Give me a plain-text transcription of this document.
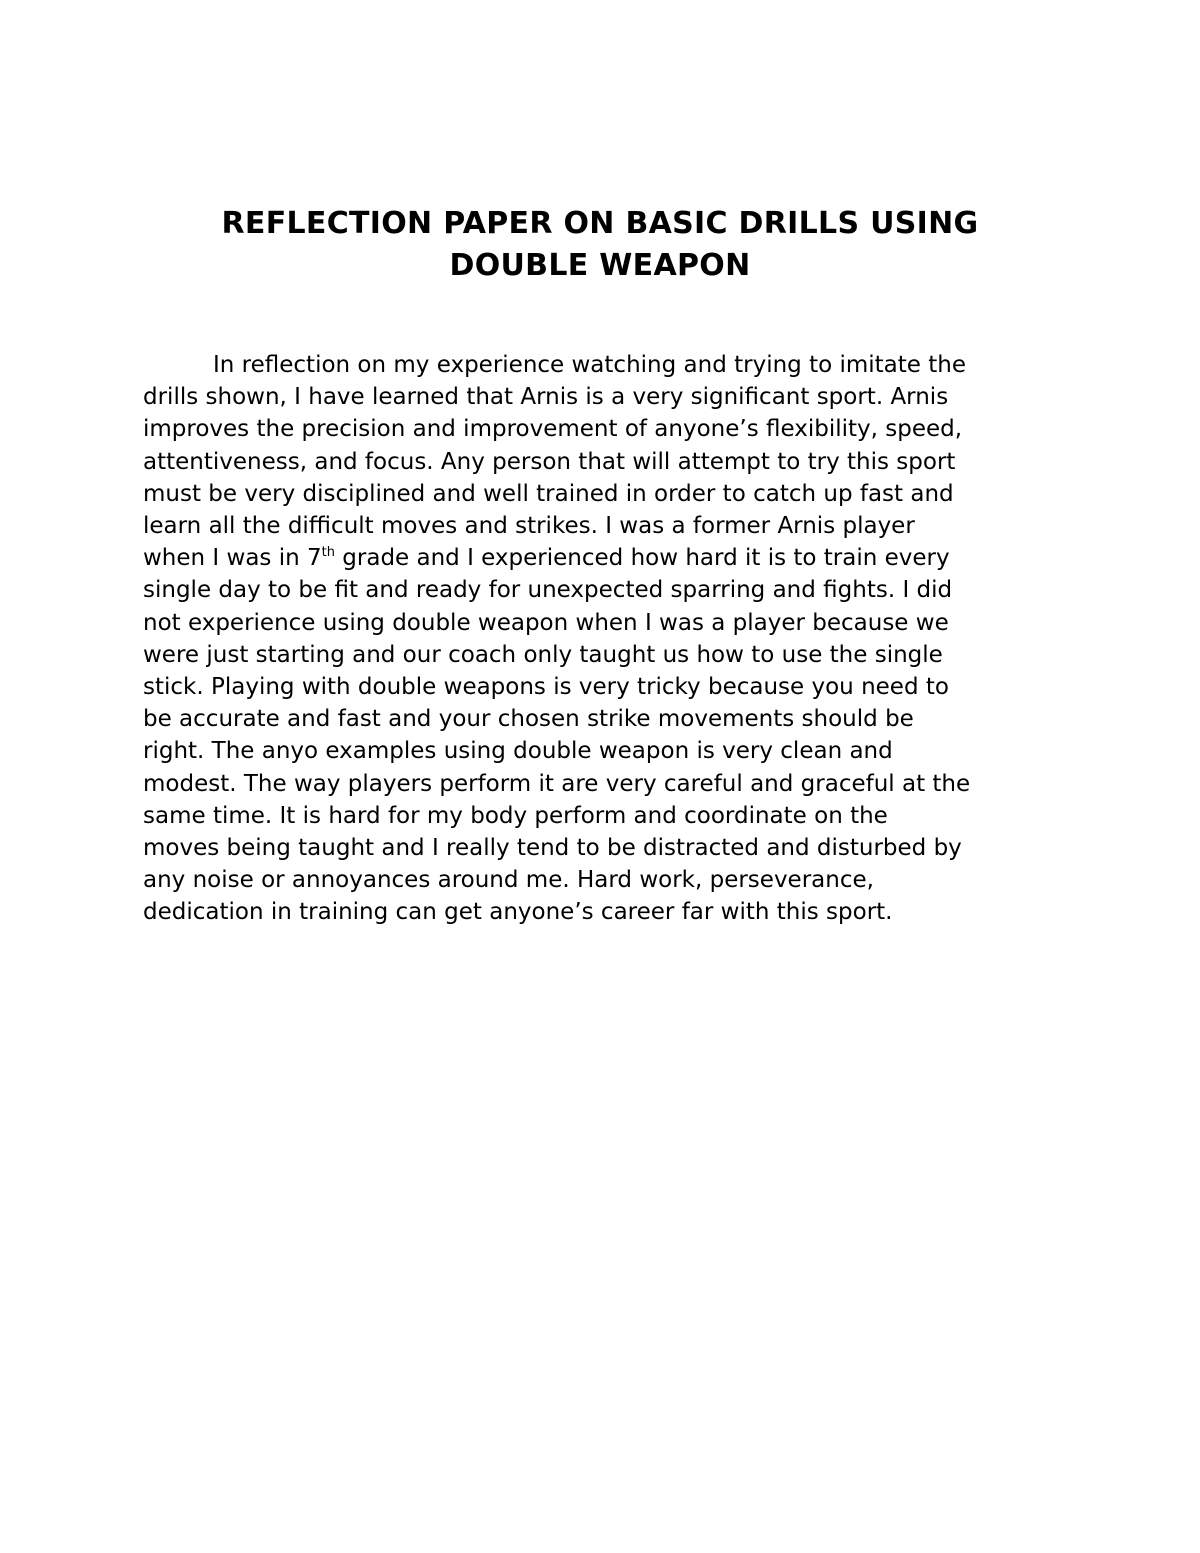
REFLECTION PAPER ON BASIC DRILLS USING
DOUBLE WEAPON
In reflection on my experience watching and trying to imitate the
drills shown, I have learned that Arnis is a very significant sport. Arnis
improves the precision and improvement of anyone’s flexibility, speed,
attentiveness, and focus. Any person that will attempt to try this sport
must be very disciplined and well trained in order to catch up fast and
learn all the difficult moves and strikes. I was a former Arnis player
when I was in 7th grade and I experienced how hard it is to train every
single day to be fit and ready for unexpected sparring and fights. I did
not experience using double weapon when I was a player because we
were just starting and our coach only taught us how to use the single
stick. Playing with double weapons is very tricky because you need to
be accurate and fast and your chosen strike movements should be
right. The anyo examples using double weapon is very clean and
modest. The way players perform it are very careful and graceful at the
same time. It is hard for my body perform and coordinate on the
moves being taught and I really tend to be distracted and disturbed by
any noise or annoyances around me. Hard work, perseverance,
dedication in training can get anyone’s career far with this sport.
